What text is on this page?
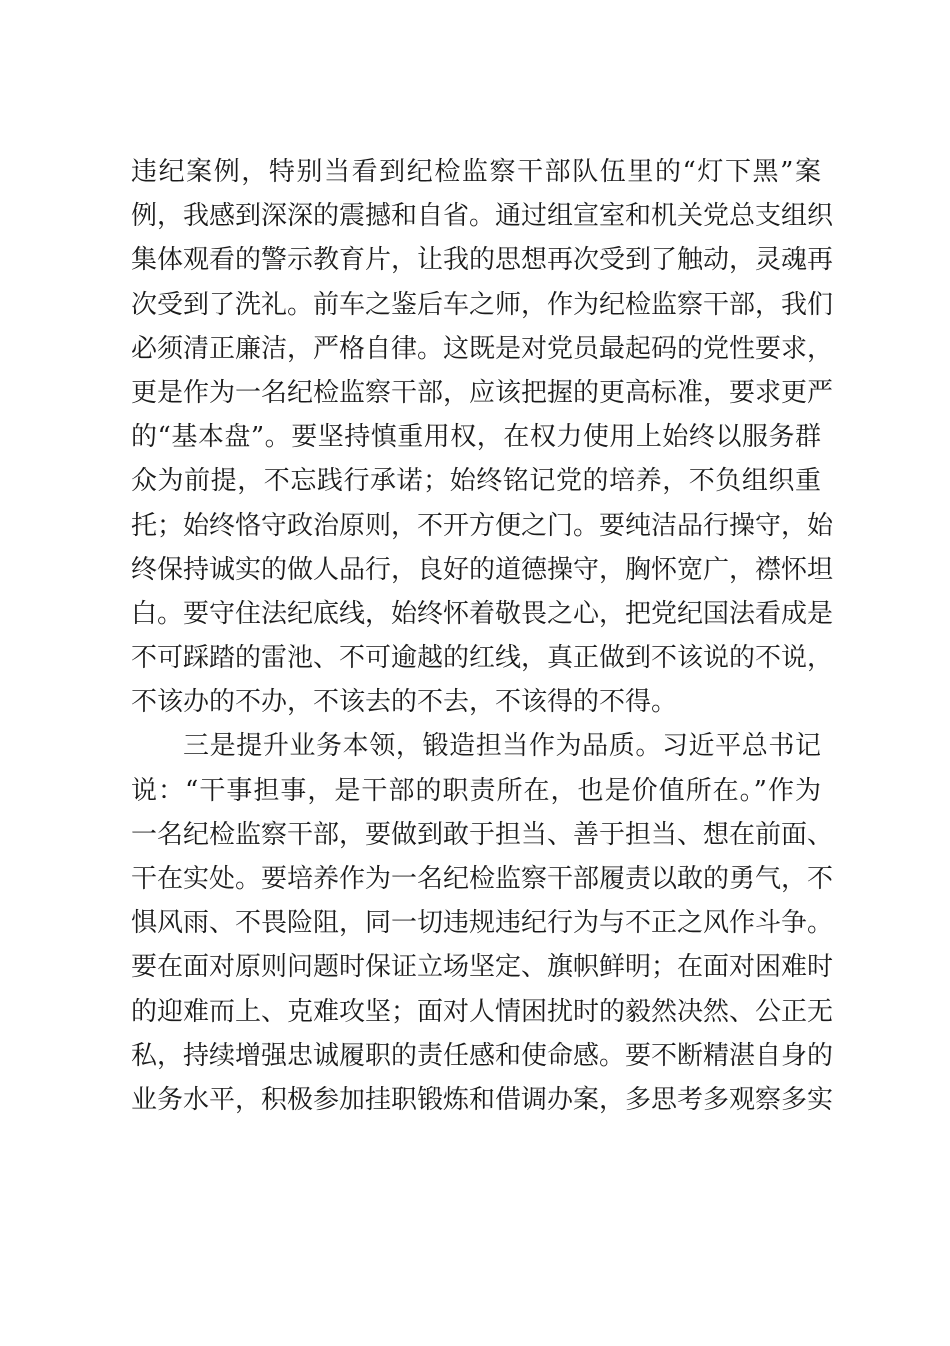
违纪案例，特别当看到纪检监察干部队伍里的“灯下黑”案
例，我感到深深的震撼和自省。通过组宣室和机关党总支组织
集体观看的警示教育片，让我的思想再次受到了触动，灵魂再
次受到了洗礼。前车之鉴后车之师，作为纪检监察干部，我们
必须清正廉洁，严格自律。这既是对党员最起码的党性要求，
更是作为一名纪检监察干部，应该把握的更高标准，要求更严
的“基本盘”。要坚持慎重用权，在权力使用上始终以服务群
众为前提，不忘践行承诺；始终铭记党的培养，不负组织重
托；始终恪守政治原则，不开方便之门。要纯洁品行操守，始
终保持诚实的做人品行，良好的道德操守，胸怀宽广，襟怀坦
白。要守住法纪底线，始终怀着敬畏之心，把党纪国法看成是
不可踩踏的雷池、不可逾越的红线，真正做到不该说的不说，
不该办的不办，不该去的不去，不该得的不得。
三是提升业务本领，锻造担当作为品质。习近平总书记
说：“干事担事，是干部的职责所在，也是价值所在。”作为
一名纪检监察干部，要做到敢于担当、善于担当、想在前面、
干在实处。要培养作为一名纪检监察干部履责以敢的勇气，不
惧风雨、不畏险阻，同一切违规违纪行为与不正之风作斗争。
要在面对原则问题时保证立场坚定、旗帜鲜明；在面对困难时
的迎难而上、克难攻坚；面对人情困扰时的毅然决然、公正无
私，持续增强忠诚履职的责任感和使命感。要不断精湛自身的
业务水平，积极参加挂职锻炼和借调办案，多思考多观察多实
